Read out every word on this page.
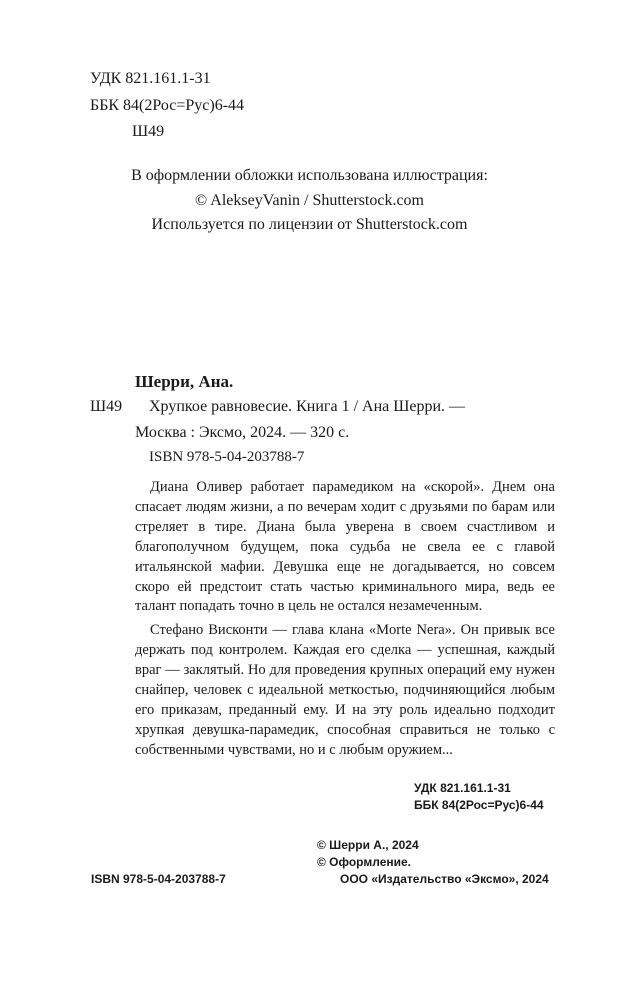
УДК 821.161.1-31
ББК 84(2Рос=Рус)6-44
Ш49
В оформлении обложки использована иллюстрация:
© AlekseyVanin / Shutterstock.com
Используется по лицензии от Shutterstock.com
Шерри, Ана.
Ш49 Хрупкое равновесие. Книга 1 / Ана Шерри. —
Москва : Эксмо, 2024. — 320 с.
ISBN 978-5-04-203788-7

Диана Оливер работает парамедиком на «скорой». Днем она спасает людям жизни, а по вечерам ходит с друзьями по барам или стреляет в тире. Диана была уверена в своем счастливом и благополучном будущем, пока судьба не свела ее с главой итальянской мафии. Девушка еще не догадывается, но совсем скоро ей предстоит стать частью криминального мира, ведь ее талант попадать точно в цель не остался незамеченным.

Стефано Висконти — глава клана «Morte Nera». Он привык все держать под контролем. Каждая его сделка — успешная, каждый враг — заклятый. Но для проведения крупных операций ему нужен снайпер, человек с идеальной меткостью, подчиняющийся любым его приказам, преданный ему. И на эту роль идеально подходит хрупкая девушка-парамедик, способная справиться не только с собственными чувствами, но и с любым оружием...

УДК 821.161.1-31
ББК 84(2Рос=Рус)6-44
© Шерри А., 2024
© Оформление.
ISBN 978-5-04-203788-7	ООО «Издательство «Эксмо», 2024
